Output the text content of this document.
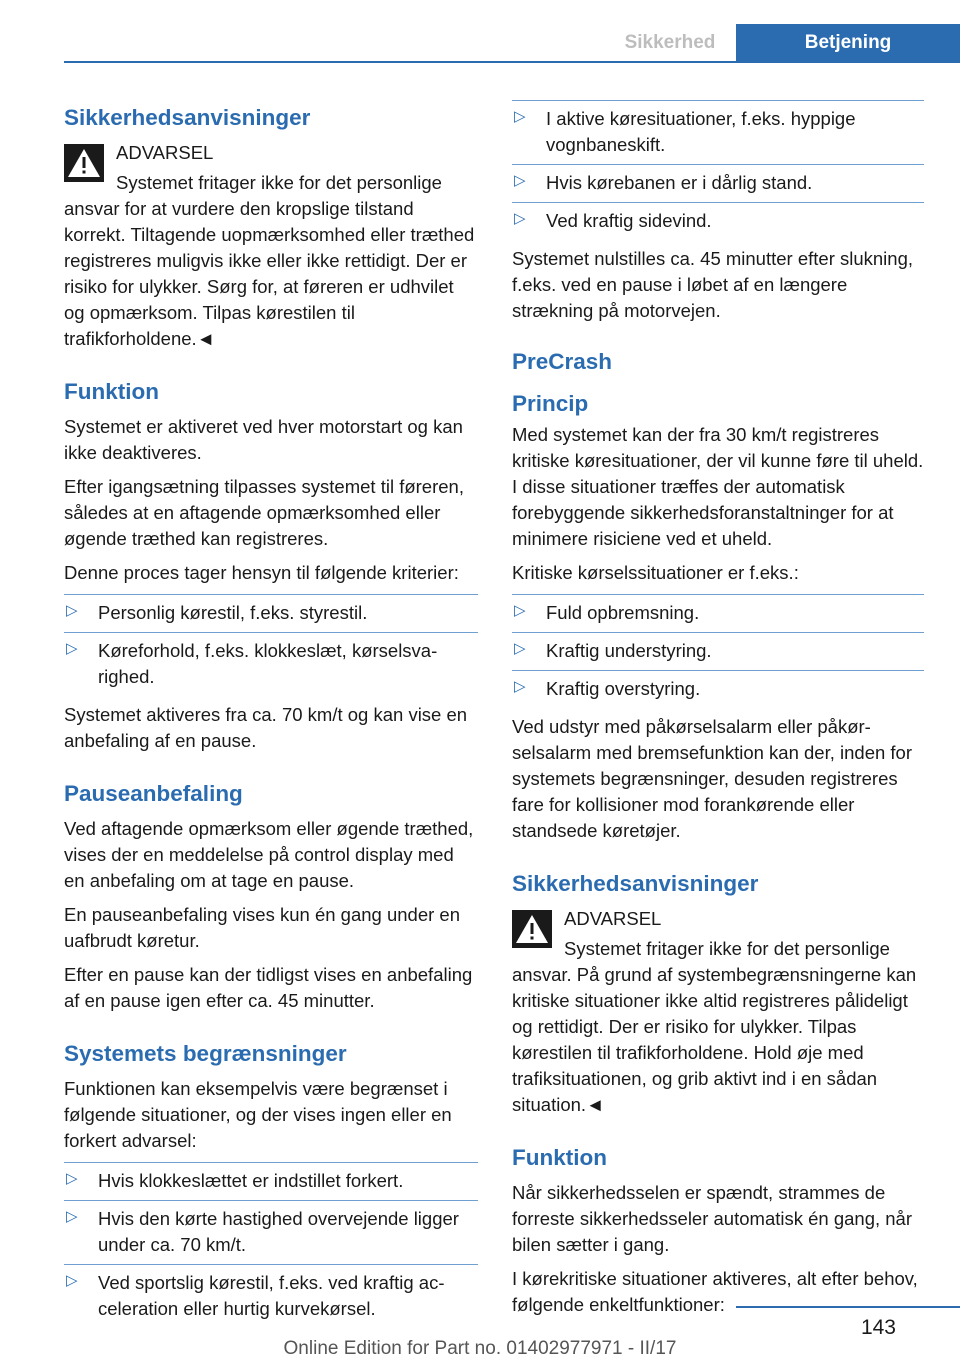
Sikkerhed	Betjening
Sikkerhedsanvisninger

ADVARSEL

Systemet fritager ikke for det personlige ansvar for at vurdere den kropslige tilstand korrekt. Tiltagende uopmærksomhed eller træthed registreres muligvis ikke eller ikke rettidigt. Der er risiko for ulykker. Sørg for, at føreren er udhvilet og opmærksom. Tilpas kørestilen til trafikforholdene.◄

Funktion

Systemet er aktiveret ved hver motorstart og kan ikke deaktiveres.

Efter igangsætning tilpasses systemet til føreren, således at en aftagende opmærksomhed eller øgende træthed kan registreres.

Denne proces tager hensyn til følgende kriterier:

▷ Personlig kørestil, f.eks. styrestil.
▷ Køreforhold, f.eks. klokkeslæt, kørselsvarighed.

Systemet aktiveres fra ca. 70 km/t og kan vise en anbefaling af en pause.

Pauseanbefaling

Ved aftagende opmærksom eller øgende træthed, vises der en meddelelse på control display med en anbefaling om at tage en pause.

En pauseanbefaling vises kun én gang under en uafbrudt køretur.

Efter en pause kan der tidligst vises en anbefaling af en pause igen efter ca. 45 minutter.

Systemets begrænsninger

Funktionen kan eksempelvis være begrænset i følgende situationer, og der vises ingen eller en forkert advarsel:

▷ Hvis klokkeslættet er indstillet forkert.
▷ Hvis den kørte hastighed overvejende ligger under ca. 70 km/t.
▷ Ved sportslig kørestil, f.eks. ved kraftig acceleration eller hurtig kurvekørsel.
▷ I aktive køresituationer, f.eks. hyppige vognbaneskift.
▷ Hvis kørebanen er i dårlig stand.
▷ Ved kraftig sidevind.

Systemet nulstilles ca. 45 minutter efter slukning, f.eks. ved en pause i løbet af en længere strækning på motorvejen.

PreCrash
Princip

Med systemet kan der fra 30 km/t registreres kritiske køresituationer, der vil kunne føre til uheld. I disse situationer træffes der automatisk forebyggende sikkerhedsforanstaltninger for at minimere risiciene ved et uheld.

Kritiske kørselssituationer er f.eks.:

▷ Fuld opbremsning.
▷ Kraftig understyring.
▷ Kraftig overstyring.

Ved udstyr med påkørselsalarm eller påkørselsalarm med bremsefunktion kan der, inden for systemets begrænsninger, desuden registreres fare for kollisioner mod forankørende eller standsede køretøjer.

Sikkerhedsanvisninger

ADVARSEL

Systemet fritager ikke for det personlige ansvar. På grund af systembegrænsningerne kan kritiske situationer ikke altid registreres pålideligt og rettidigt. Der er risiko for ulykker. Tilpas kørestilen til trafikforholdene. Hold øje med trafiksituationen, og grib aktivt ind i en sådan situation.◄

Funktion

Når sikkerhedsselen er spændt, strammes de forreste sikkerhedsseler automatisk én gang, når bilen sætter i gang.

I kørekritiske situationer aktiveres, alt efter behov, følgende enkeltfunktioner:

143
Online Edition for Part no. 01402977971 - II/17
